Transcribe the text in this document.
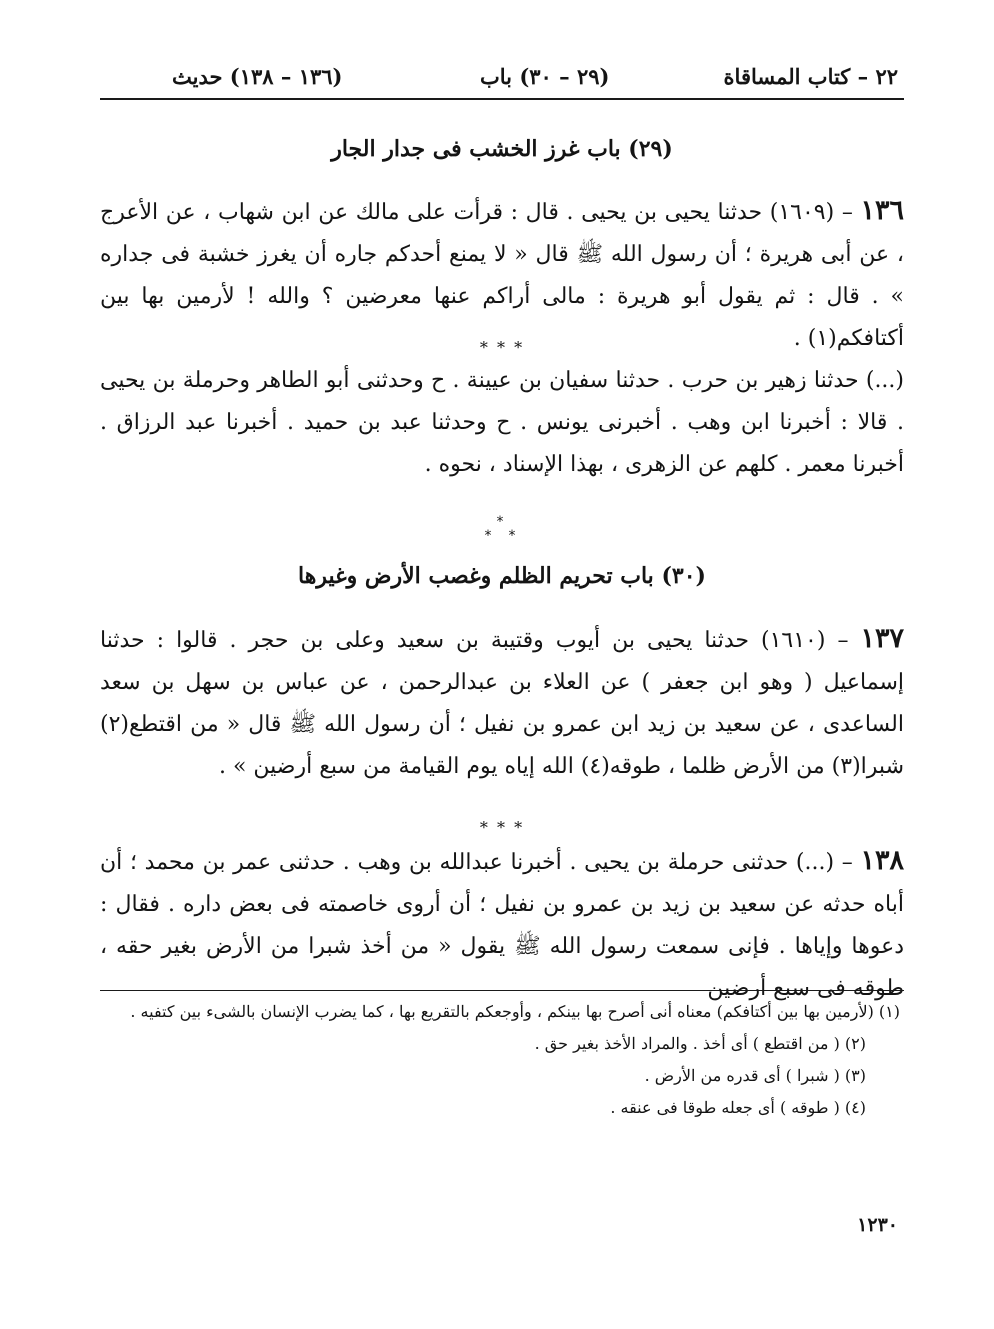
٢٢ – كتاب المساقاة
(٢٩ – ٣٠) باب
(١٣٦ – ١٣٨) حديث
(٢٩) باب غرز الخشب فى جدار الجار

١٣٦ – (١٦٠٩) حدثنا يحيى بن يحيى . قال : قرأت على مالك عن ابن شهاب ، عن الأعرج ، عن أبى هريرة ؛ أن رسول الله ﷺ قال « لا يمنع أحدكم جاره أن يغرز خشبة فى جداره » . قال : ثم يقول أبو هريرة : مالى أراكم عنها معرضين ؟ والله ! لأرمين بها بين أكتافكم(١) .

* * *

(...) حدثنا زهير بن حرب . حدثنا سفيان بن عيينة . ح وحدثنى أبو الطاهر وحرملة بن يحيى . قالا : أخبرنا ابن وهب . أخبرنى يونس . ح وحدثنا عبد بن حميد . أخبرنا عبد الرزاق . أخبرنا معمر . كلهم عن الزهرى ، بهذا الإسناد ، نحوه .

*
* *
(٣٠) باب تحريم الظلم وغصب الأرض وغيرها

١٣٧ – (١٦١٠) حدثنا يحيى بن أيوب وقتيبة بن سعيد وعلى بن حجر . قالوا : حدثنا إسماعيل ( وهو ابن جعفر ) عن العلاء بن عبدالرحمن ، عن عباس بن سهل بن سعد الساعدى ، عن سعيد بن زيد ابن عمرو بن نفيل ؛ أن رسول الله ﷺ قال « من اقتطع(٢) شبرا(٣) من الأرض ظلما ، طوقه(٤) الله إياه يوم القيامة من سبع أرضين » .

* * *

١٣٨ – (...) حدثنى حرملة بن يحيى . أخبرنا عبدالله بن وهب . حدثنى عمر بن محمد ؛ أن أباه حدثه عن سعيد بن زيد بن عمرو بن نفيل ؛ أن أروى خاصمته فى بعض داره . فقال : دعوها وإياها . فإنى سمعت رسول الله ﷺ يقول « من أخذ شبرا من الأرض بغير حقه ، طوقه فى سبع أرضين

(١) (لأرمين بها بين أكتافكم) معناه أنى أصرح بها بينكم ، وأوجعكم بالتقريع بها ، كما يضرب الإنسان بالشىء بين كتفيه .

(٢) ( من اقتطع ) أى أخذ . والمراد الأخذ بغير حق .

(٣) ( شبرا ) أى قدره من الأرض .

(٤) ( طوقه ) أى جعله طوقا فى عنقه .

١٢٣٠
